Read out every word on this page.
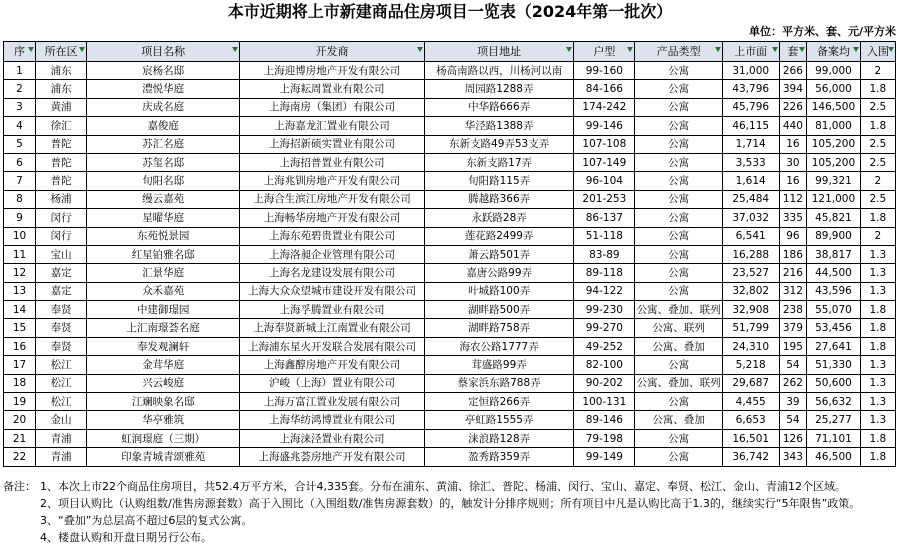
本市近期将上市新建商品住房项目一览表（2024年第一批次）
单位：平方米、套、元/平方米
序	所在区	项目名称	开发商	项目地址	户型	产品类型	上市面	套	备案均	入围

1	浦东	宸杨名邸	上海迎博房地产开发有限公司	杨高南路以西，川杨河以南	99-160	公寓	31,000	266	99,000	2
2	浦东	澧悦华庭	上海耘周置业有限公司	周园路1288弄	84-166	公寓	43,796	394	56,000	1.8
3	黄浦	庆成名庭	上海南房（集团）有限公司	中华路666弄	174-242	公寓	45,796	226	146,500	2.5
4	徐汇	嘉俊庭	上海嘉龙汇置业有限公司	华泾路1388弄	99-146	公寓	46,115	440	81,000	1.8
5	普陀	苏汇名庭	上海招新硕实置业有限公司	东新支路49弄53支弄	107-108	公寓	1,714	16	105,200	2.5
6	普陀	苏玺名邸	上海招普置业有限公司	东新支路17弄	107-149	公寓	3,533	30	105,200	2.5
7	普陀	旬阳名邸	上海兆钏房地产开发有限公司	旬阳路115弄	96-104	公寓	1,614	16	99,321	2
8	杨浦	缦云嘉苑	上海合生滨江房地产开发有限公司	腾越路366弄	201-253	公寓	25,484	112	121,000	2.5
9	闵行	星曜华庭	上海畅华房地产开发有限公司	永跃路28弄	86-137	公寓	37,032	335	45,821	1.8
10	闵行	东苑悦景园	上海东苑碧贵置业有限公司	莲花路2499弄	51-118	公寓	6,541	96	89,900	2
11	宝山	红星铂雅名邸	上海洛昶企业管理有限公司	萧云路501弄	83-89	公寓	16,288	186	38,817	1.3
12	嘉定	汇景华庭	上海名龙建设发展有限公司	嘉唐公路99弄	89-118	公寓	23,527	216	44,500	1.3
13	嘉定	众禾嘉苑	上海大众众望城市建设开发有限公司	叶城路100弄	94-122	公寓	32,802	312	43,596	1.3
14	奉贤	中建御璟园	上海孚腾置业有限公司	湖畔路500弄	99-230	公寓、叠加、联列	32,908	238	55,070	1.8
15	奉贤	上汇南璟荟名庭	上海奉贤新城上江南置业有限公司	湖畔路758弄	99-270	公寓、联列	51,799	379	53,456	1.8
16	奉贤	奉发观澜轩	上海浦东星火开发联合发展有限公司	海农公路1777弄	49-252	公寓、叠加	24,310	195	27,641	1.8
17	松江	金茸华庭	上海鑫醇房地产开发有限公司	茸盛路99弄	82-100	公寓	5,218	54	51,330	1.3
18	松江	兴云峻庭	沪峻（上海）置业有限公司	蔡家浜东路788弄	90-202	公寓、叠加、联列	29,687	262	50,600	1.3
19	松江	江斓映象名邸	上海万富江置业发展有限公司	定恒路266弄	100-131	公寓	4,455	39	56,632	1.3
20	金山	华亭雅筑	上海华纺鸿博置业有限公司	亭虹路1555弄	89-146	公寓、叠加	6,653	54	25,277	1.3
21	青浦	虹润璟庭（三期）	上海涞泾置业有限公司	涞浪路128弄	79-198	公寓	16,501	126	71,101	1.8
22	青浦	印象青城青颂雅苑	上海盛兆荟房地产开发有限公司	盈秀路359弄	99-149	公寓	36,742	343	46,500	1.8
备注： 1、本次上市22个商品住房项目，共52.4万平方米，合计4,335套。分布在浦东、黄浦、徐汇、普陀、杨浦、闵行、宝山、嘉定、奉贤、松江、金山、青浦12个区域。
2、项目认购比（认购组数/准售房源套数）高于入围比（入围组数/准售房源套数）的，触发计分排序规则；所有项目中凡是认购比高于1.3的，继续实行“5年限售”政策。
3、“叠加”为总层高不超过6层的复式公寓。
4、楼盘认购和开盘日期另行公布。
